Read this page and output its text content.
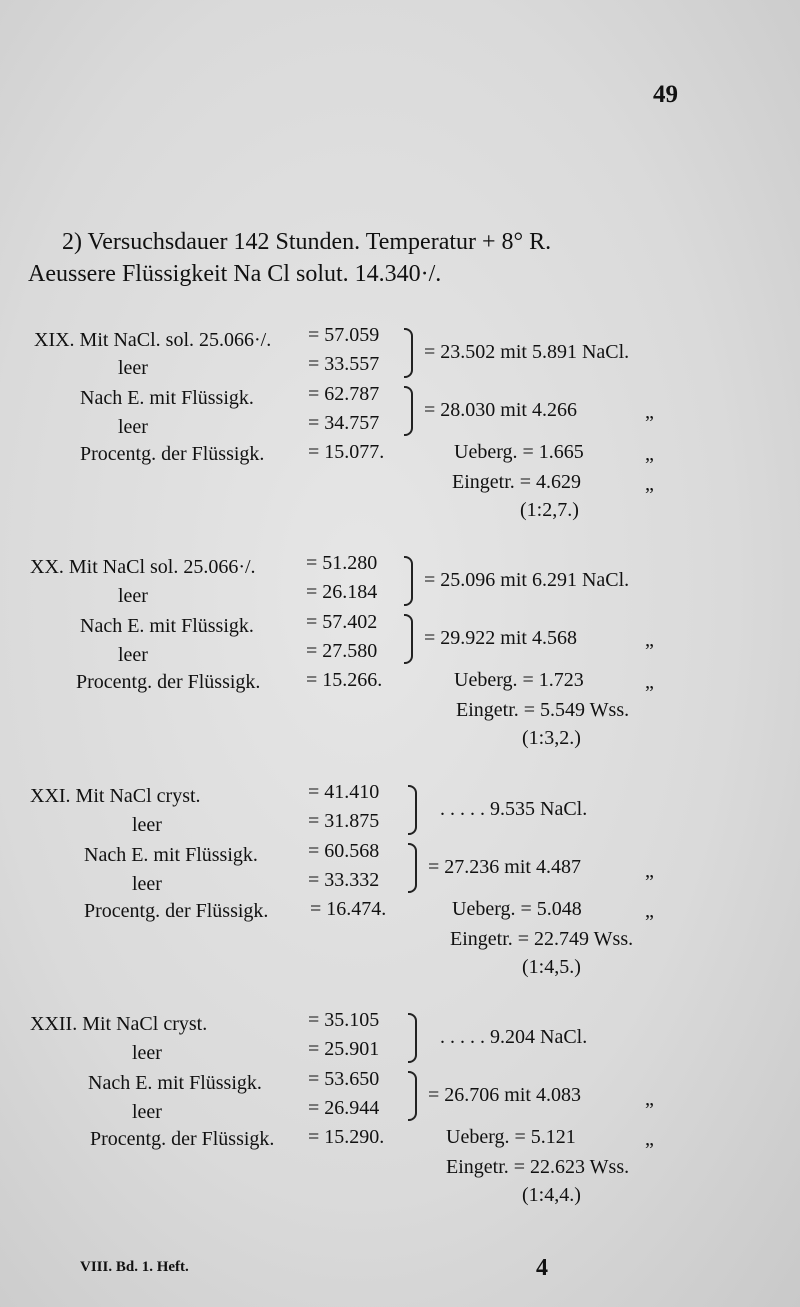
49
2) Versuchsdauer 142 Stunden. Temperatur + 8° R.
Aeussere Flüssigkeit Na Cl solut. 14.340·/.
XIX. Mit NaCl. sol. 25.066·/. = 57.059
leer	= 33.557
= 23.502 mit 5.891 NaCl.
Nach E. mit Flüssigk.	= 62.787
leer	= 34.757
= 28.030 mit 4.266	„
Procentg. der Flüssigk. = 15.077.	Ueberg. = 1.665	„
Eingetr. = 4.629	„
(1:2,7.)
XX. Mit NaCl sol. 25.066·/.	= 51.280
leer	= 26.184
= 25.096 mit 6.291 NaCl.
Nach E. mit Flüssigk.	= 57.402
leer	= 27.580
= 29.922 mit 4.568	„
Procentg. der Flüssigk. = 15.266.	Ueberg. = 1.723	„
Eingetr. = 5.549 Wss.
(1:3,2.)
XXI. Mit NaCl cryst.	= 41.410
leer	= 31.875
. . . . . 9.535 NaCl.
Nach E. mit Flüssigk.	= 60.568
leer	= 33.332
= 27.236 mit 4.487	„
Procentg. der Flüssigk. = 16.474.	Ueberg. = 5.048	„
Eingetr. = 22.749 Wss.
(1:4,5.)
XXII. Mit NaCl cryst.	= 35.105
leer	= 25.901
. . . . . 9.204 NaCl.
Nach E. mit Flüssigk. = 53.650
leer	= 26.944
= 26.706 mit 4.083	„
Procentg. der Flüssigk. = 15.290.	Ueberg. = 5.121	„
Eingetr. = 22.623 Wss.
(1:4,4.)
VIII. Bd. 1. Heft.	4
